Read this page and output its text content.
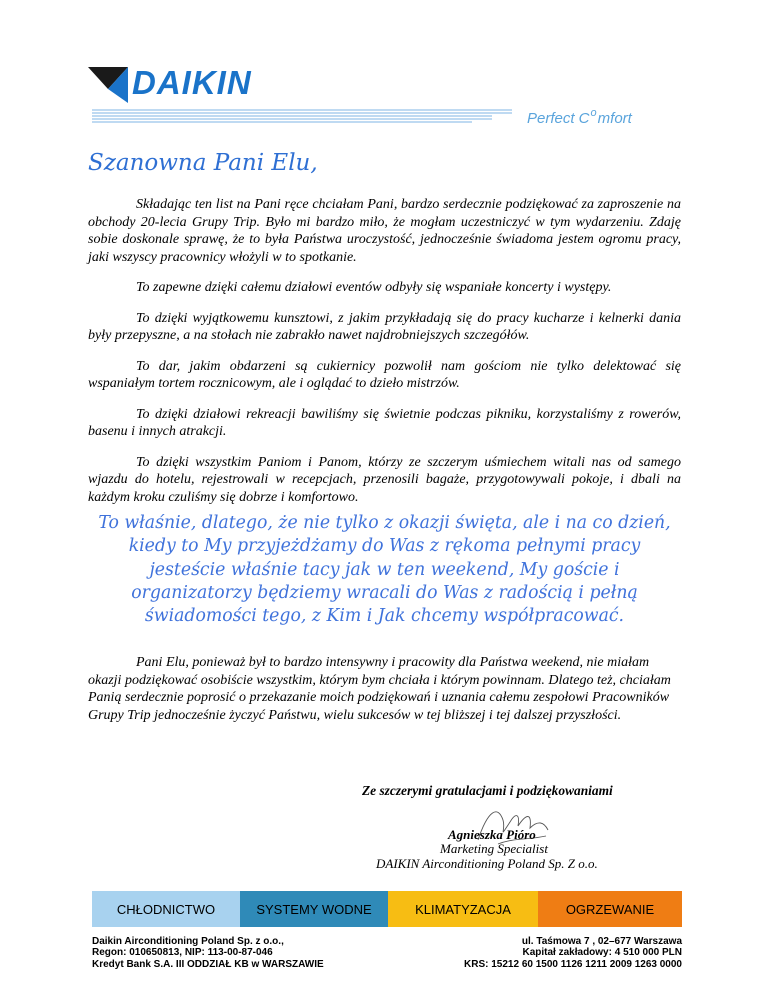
DAIKIN
Perfect $C^omfort$
Szanowna Pani Elu,

Składając ten list na Pani ręce chciałam Pani, bardzo serdecznie podziękować za zaproszenie na obchody 20-lecia Grupy Trip. Było mi bardzo miło, że mogłam uczestniczyć w tym wydarzeniu. Zdaję sobie doskonale sprawę, że to była Państwa uroczystość, jednocześnie świadoma jestem ogromu pracy, jaki wszyscy pracownicy włożyli w to spotkanie.

To zapewne dzięki całemu działowi eventów odbyły się wspaniałe koncerty i występy.

To dzięki wyjątkowemu kunsztowi, z jakim przykładają się do pracy kucharze i kelnerki dania były przepyszne, a na stołach nie zabrakło nawet najdrobniejszych szczegółów.

To dar, jakim obdarzeni są cukiernicy pozwolił nam gościom nie tylko delektować się wspaniałym tortem rocznicowym, ale i oglądać to dzieło mistrzów.

To dzięki działowi rekreacji bawiliśmy się świetnie podczas pikniku, korzystaliśmy z rowerów, basenu i innych atrakcji.

To dzięki wszystkim Paniom i Panom, którzy ze szczerym uśmiechem witali nas od samego wjazdu do hotelu, rejestrowali w recepcjach, przenosili bagaże, przygotowywali pokoje, i dbali na każdym kroku czuliśmy się dobrze i komfortowo.

To właśnie, dlatego, że nie tylko z okazji święta, ale i na co dzień, kiedy to My przyjeżdżamy do Was z rękoma pełnymi pracy jesteście właśnie tacy jak w ten weekend, My goście i organizatorzy będziemy wracali do Was z radością i pełną świadomości tego, z Kim i Jak chcemy współpracować.

Pani Elu, ponieważ był to bardzo intensywny i pracowity dla Państwa weekend, nie miałam okazji podziękować osobiście wszystkim, którym bym chciała i którym powinnam. Dlatego też, chciałam Panią serdecznie poprosić o przekazanie moich podziękowań i uznania całemu zespołowi Pracowników Grupy Trip jednocześnie życzyć Państwu, wielu sukcesów w tej bliższej i tej dalszej przyszłości.

Ze szczerymi gratulacjami i podziękowaniami
Agnieszka Pióro
Marketing Specialist
DAIKIN Airconditioning Poland Sp. Z o.o.
CHŁODNICTWO	SYSTEMY WODNE	KLIMATYZACJA	OGRZEWANIE
Daikin Airconditioning Poland Sp. z o.o.,
Regon: 010650813, NIP: 113-00-87-046
Kredyt Bank S.A. III ODDZIAŁ KB w WARSZAWIE
ul. Taśmowa 7 , 02–677 Warszawa
Kapitał zakładowy: 4 510 000 PLN
KRS: 15212 60 1500 1126 1211 2009 1263 0000
